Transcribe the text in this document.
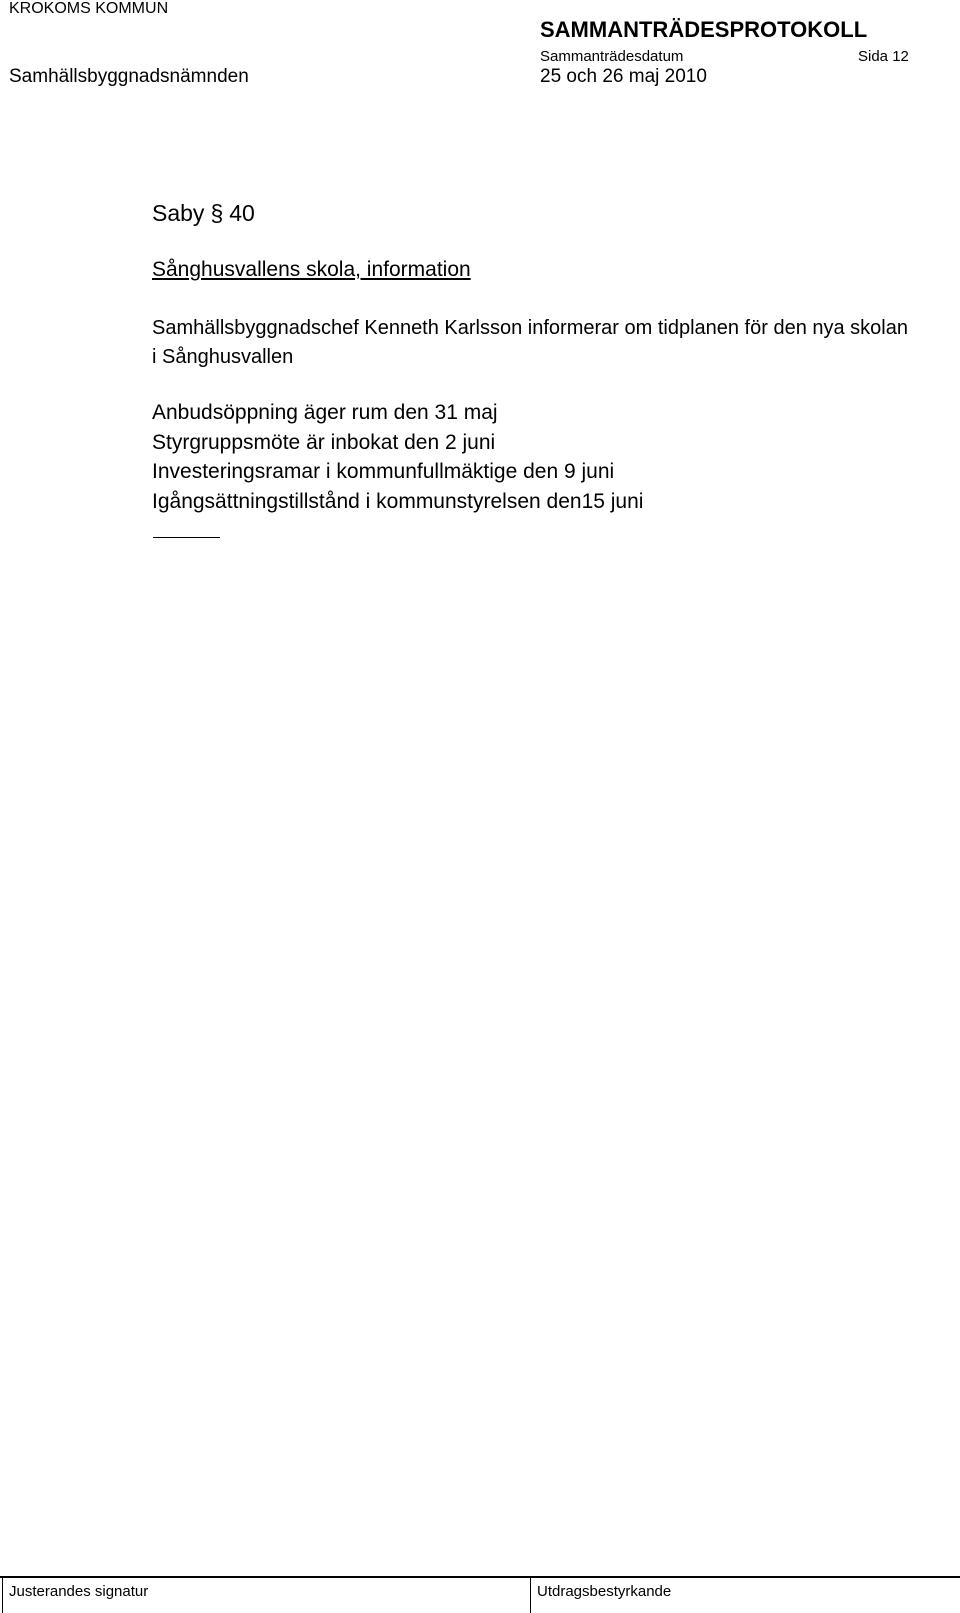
KROKOMS KOMMUN
SAMMANTRÄDESPROTOKOLL
Sammanträdesdatum	Sida 12
Samhällsbyggnadsnämnden	25 och 26 maj 2010
Saby § 40
Sånghusvallens skola, information
Samhällsbyggnadschef Kenneth Karlsson informerar om tidplanen för den nya skolan i Sånghusvallen
Anbudsöppning äger rum den 31 maj
Styrgruppsmöte är inbokat den 2 juni
Investeringsramar i kommunfullmäktige den 9 juni
Igångsättningstillstånd i kommunstyrelsen den15 juni
Justerandes signatur	Utdragsbestyrkande
